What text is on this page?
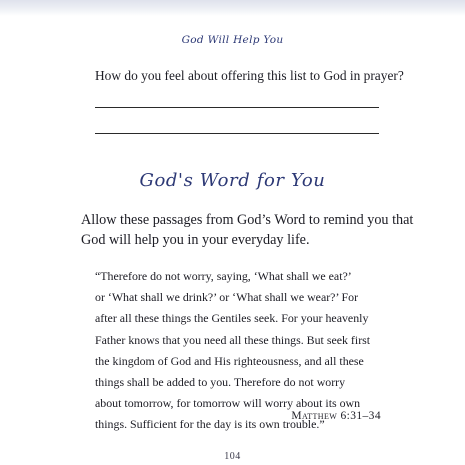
God Will Help You
How do you feel about offering this list to God in prayer?
God's Word for You
Allow these passages from God’s Word to remind you that
God will help you in your everyday life.
“Therefore do not worry, saying, ‘What shall we eat?’
or ‘What shall we drink?’ or ‘What shall we wear?’ For
after all these things the Gentiles seek. For your heavenly
Father knows that you need all these things. But seek first
the kingdom of God and His righteousness, and all these
things shall be added to you. Therefore do not worry
about tomorrow, for tomorrow will worry about its own
things. Sufficient for the day is its own trouble.”
Matthew 6:31–34
104
